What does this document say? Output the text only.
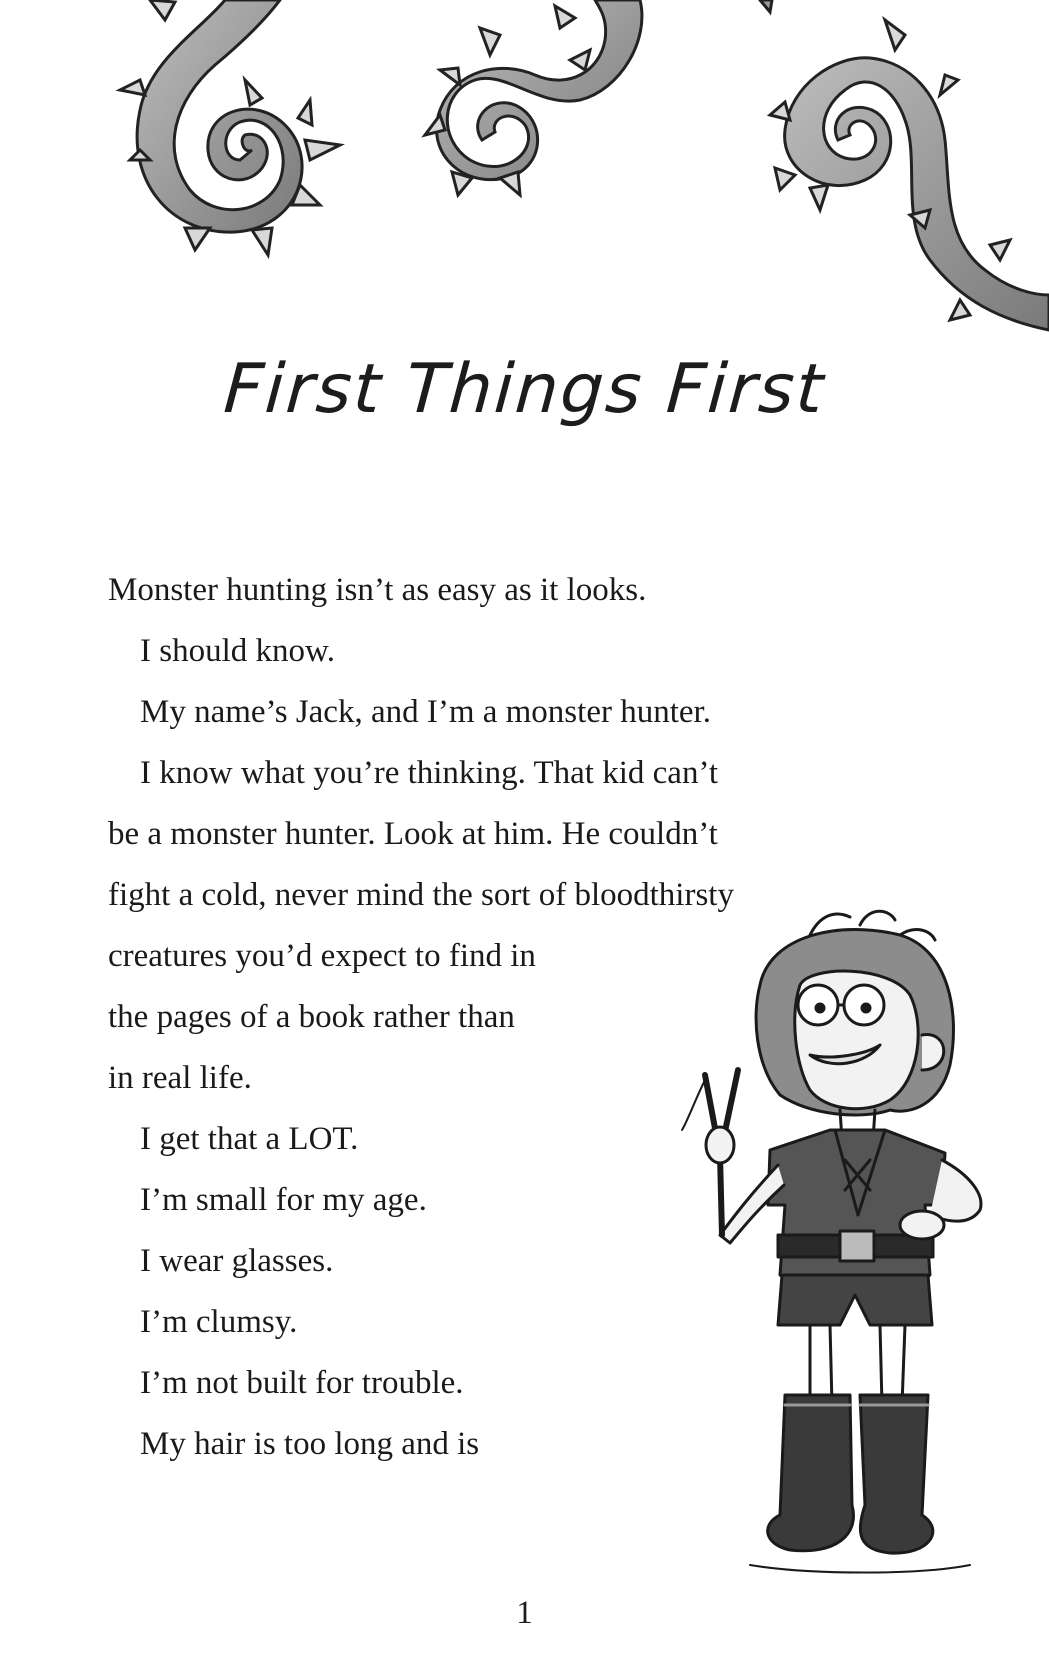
First Things First

Monster hunting isn’t as easy as it looks.

I should know.

My name’s Jack, and I’m a monster hunter.

I know what you’re thinking. That kid can’t
be a monster hunter. Look at him. He couldn’t
fight a cold, never mind the sort of bloodthirsty
creatures you’d expect to find in
the pages of a book rather than
in real life.

I get that a LOT.

I’m small for my age.

I wear glasses.

I’m clumsy.

I’m not built for trouble.

My hair is too long and is

1
